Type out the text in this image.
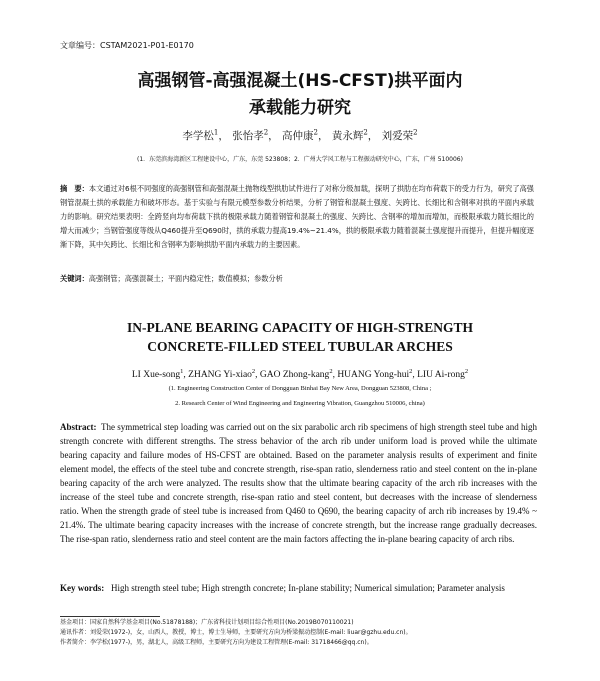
文章编号：CSTAM2021-P01-E0170
高强钢管-高强混凝土(HS-CFST)拱平面内
承载能力研究
李学松$^1$， 张怡孝$^2$， 高仲康$^2$， 黄永辉$^2$， 刘爱荣$^2$
(1．东莞滨海湾新区工程建设中心，广东，东莞 523808；2．广州大学风工程与工程振动研究中心，广东，广州 510006)
摘　要：本文通过对6根不同强度的高强钢管和高强混凝土抛物线型拱肋试件进行了对称分级加载，探明了拱肋在均布荷载下的受力行为，研究了高强钢管混凝土拱的承载能力和破坏形态。基于实验与有限元模型参数分析结果，分析了钢管和混凝土强度、矢跨比、长细比和含钢率对拱的平面内承载力的影响。研究结果表明：全跨竖向均布荷载下拱的极限承载力随着钢管和混凝土的强度、矢跨比、含钢率的增加而增加，而极限承载力随长细比的增大而减少；当钢管强度等级从Q460提升至Q690时，拱的承载力提高19.4%~21.4%，拱的极限承载力随着混凝土强度提升而提升，但提升幅度逐渐下降，其中矢跨比、长细比和含钢率为影响拱肋平面内承载力的主要因素。
关键词：高强钢管；高强混凝土；平面内稳定性；数值模拟；参数分析
IN-PLANE BEARING CAPACITY OF HIGH-STRENGTH
CONCRETE-FILLED STEEL TUBULAR ARCHES
LI Xue-song$^1$, ZHANG Yi-xiao$^2$, GAO Zhong-kang$^2$, HUANG Yong-hui$^2$, LIU Ai-rong$^2$
(1. Engineering Construction Center of Dongguan Binhai Bay New Area, Dongguan 523808, China ;
2. Research Center of Wind Engineering and Engineering Vibration, Guangzhou 510006, china)
Abstract: The symmetrical step loading was carried out on the six parabolic arch rib specimens of high strength steel tube and high strength concrete with different strengths. The stress behavior of the arch rib under uniform load is proved while the ultimate bearing capacity and failure modes of HS-CFST are obtained. Based on the parameter analysis results of experiment and finite element model, the effects of the steel tube and concrete strength, rise-span ratio, slenderness ratio and steel content on the in-plane bearing capacity of the arch were analyzed. The results show that the ultimate bearing capacity of the arch rib increases with the increase of the steel tube and concrete strength, rise-span ratio and steel content, but decreases with the increase of slenderness ratio. When the strength grade of steel tube is increased from Q460 to Q690, the bearing capacity of arch rib increases by 19.4% ~ 21.4%. The ultimate bearing capacity increases with the increase of concrete strength, but the increase range gradually decreases. The rise-span ratio, slenderness ratio and steel content are the main factors affecting the in-plane bearing capacity of arch ribs.
Key words: High strength steel tube; High strength concrete; In-plane stability; Numerical simulation; Parameter analysis
基金项目：国家自然科学基金项目(No.51878188)；广东省科技计划项目综合性项目(No.2019B070110021)
通讯作者：刘爱荣(1972-)，女，山西人，教授，博士，博士生导师，主要研究方向为桥梁振动控制(E-mail: liuar@gzhu.edu.cn)。
作者简介：李学松(1977-)，男，湖北人，高级工程师，主要研究方向为建设工程管理(E-mail: 31718466@qq.cn)。
